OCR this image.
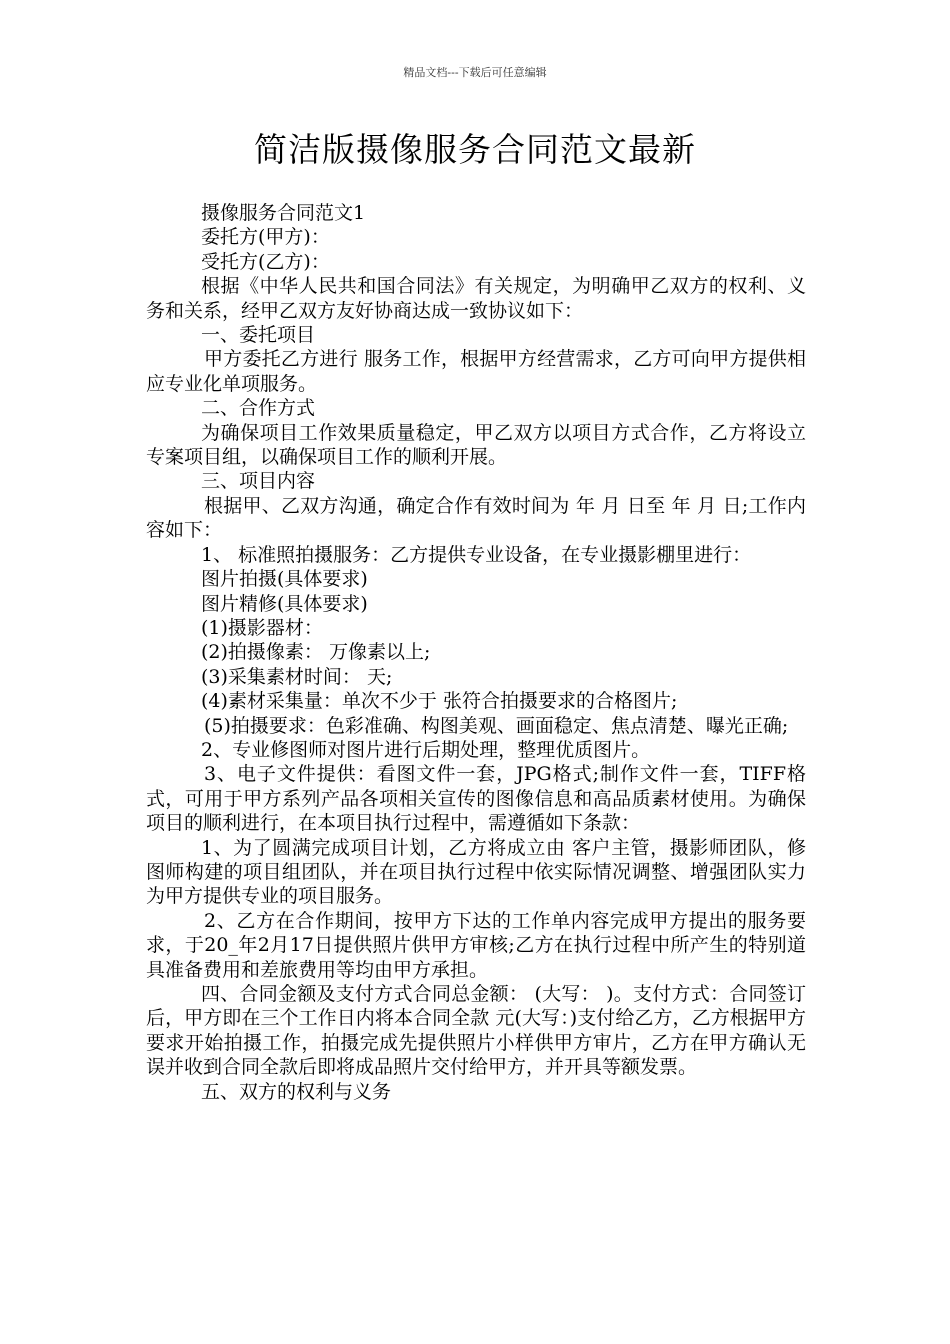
精品文档---下载后可任意编辑
简洁版摄像服务合同范文最新

摄像服务合同范文1

委托方(甲方)：

受托方(乙方)：

根据《中华人民共和国合同法》有关规定，为明确甲乙双方的权利、义务和关系，经甲乙双方友好协商达成一致协议如下：

一、委托项目

甲方委托乙方进行 服务工作，根据甲方经营需求，乙方可向甲方提供相应专业化单项服务。

二、合作方式

为确保项目工作效果质量稳定，甲乙双方以项目方式合作，乙方将设立专案项目组，以确保项目工作的顺利开展。

三、项目内容

根据甲、乙双方沟通，确定合作有效时间为 年 月 日至 年 月 日;工作内容如下：

1、 标准照拍摄服务：乙方提供专业设备，在专业摄影棚里进行：

图片拍摄(具体要求)

图片精修(具体要求)

(1)摄影器材：

(2)拍摄像素： 万像素以上;

(3)采集素材时间： 天;

(4)素材采集量：单次不少于 张符合拍摄要求的合格图片;

(5)拍摄要求：色彩准确、构图美观、画面稳定、焦点清楚、曝光正确;

2、专业修图师对图片进行后期处理，整理优质图片。

3、电子文件提供：看图文件一套，JPG格式;制作文件一套，TIFF格式，可用于甲方系列产品各项相关宣传的图像信息和高品质素材使用。为确保项目的顺利进行，在本项目执行过程中，需遵循如下条款：

1、为了圆满完成项目计划，乙方将成立由 客户主管，摄影师团队，修图师构建的项目组团队，并在项目执行过程中依实际情况调整、增强团队实力为甲方提供专业的项目服务。

2、乙方在合作期间，按甲方下达的工作单内容完成甲方提出的服务要求，于20_年2月17日提供照片供甲方审核;乙方在执行过程中所产生的特别道具准备费用和差旅费用等均由甲方承担。

四、合同金额及支付方式合同总金额： (大写： )。支付方式：合同签订后，甲方即在三个工作日内将本合同全款 元(大写：)支付给乙方，乙方根据甲方要求开始拍摄工作，拍摄完成先提供照片小样供甲方审片，乙方在甲方确认无误并收到合同全款后即将成品照片交付给甲方，并开具等额发票。

五、双方的权利与义务
